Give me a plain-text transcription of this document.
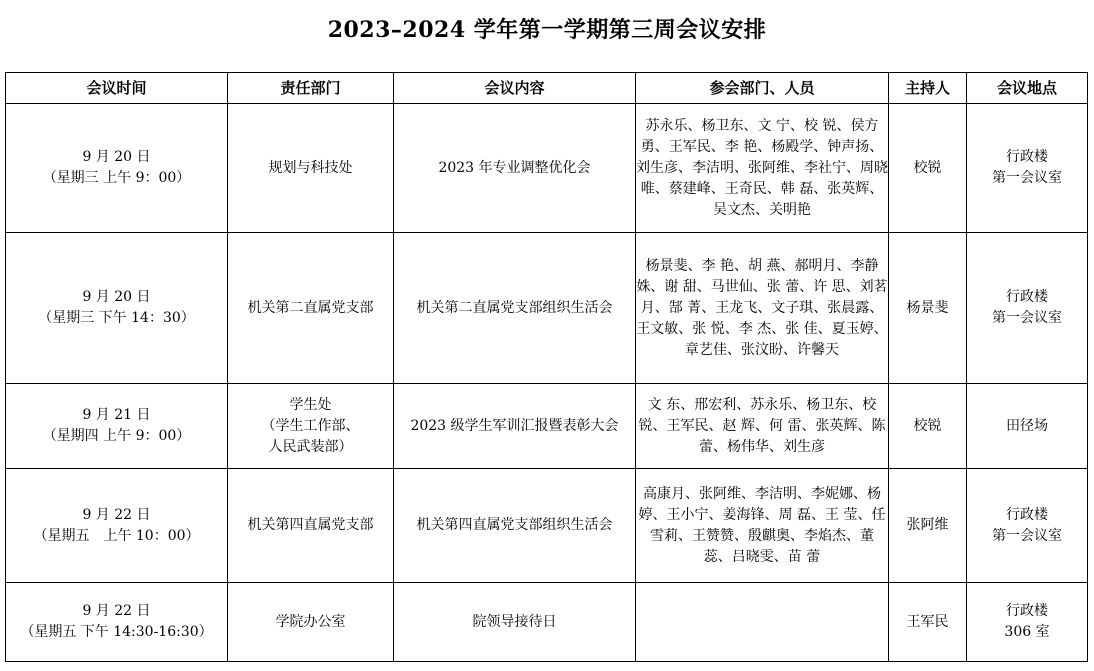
2023–2024 学年第一学期第三周会议安排
会议时间	责任部门	会议内容	参会部门、人员	主持人	会议地点

9 月 20 日
（星期三 上午 9：00）	规划与科技处	2023 年专业调整优化会	苏永乐、杨卫东、文 宁、校 锐、侯方勇、王军民、李 艳、杨殿学、钟声扬、刘生彦、李洁明、张阿维、李社宁、周晓唯、蔡建峰、王奇民、韩 磊、张英辉、吴文杰、关明艳	校锐	行政楼
第一会议室

9 月 20 日
（星期三 下午 14：30）	机关第二直属党支部	机关第二直属党支部组织生活会	杨景斐、李 艳、胡 燕、郝明月、李静姝、谢 甜、马世仙、张 蕾、许 思、刘茗月、郜 菁、王龙飞、文子琪、张晨露、王文敏、张 悦、李 杰、张 佳、夏玉婷、章艺佳、张汶盼、许馨天	杨景斐	行政楼
第一会议室

9 月 21 日
（星期四 上午 9：00）	学生处
（学生工作部、
人民武装部）	2023 级学生军训汇报暨表彰大会	文 东、邢宏利、苏永乐、杨卫东、校 锐、王军民、赵 辉、何 雷、张英辉、陈 蕾、杨伟华、刘生彦	校锐	田径场

9 月 22 日
（星期五　上午 10：00）	机关第四直属党支部	机关第四直属党支部组织生活会	高康月、张阿维、李洁明、李妮娜、杨 婷、王小宁、姜海锋、周 磊、王 莹、任雪莉、王赞赞、殷麒奥、李焰杰、董 蕊、吕晓雯、苗 蕾	张阿维	行政楼
第一会议室

9 月 22 日
（星期五 下午 14:30-16:30）	学院办公室	院领导接待日		王军民	行政楼
306 室
